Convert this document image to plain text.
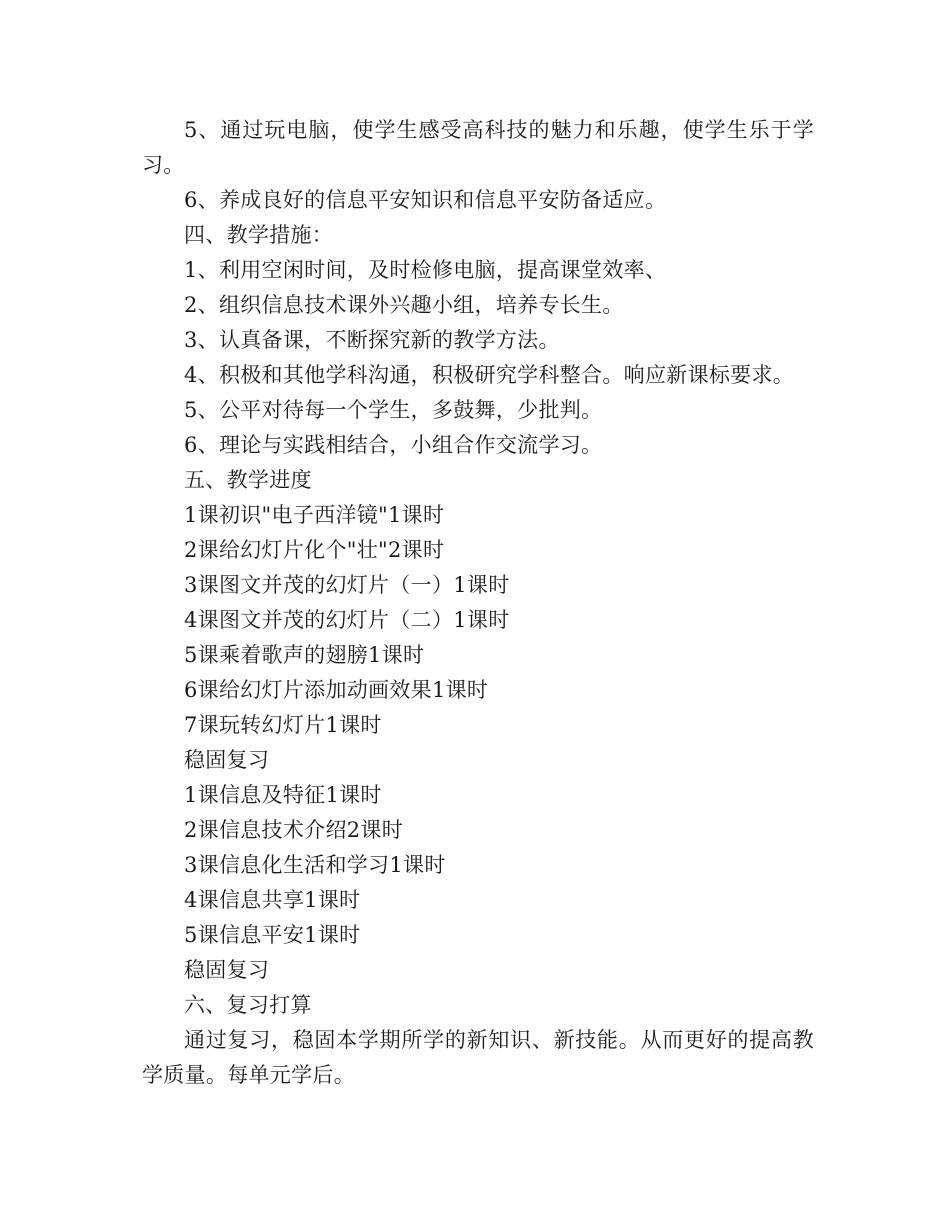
5、通过玩电脑，使学生感受高科技的魅力和乐趣，使学生乐于学习。

6、养成良好的信息平安知识和信息平安防备适应。

四、教学措施：

1、利用空闲时间，及时检修电脑，提高课堂效率、

2、组织信息技术课外兴趣小组，培养专长生。

3、认真备课，不断探究新的教学方法。

4、积极和其他学科沟通，积极研究学科整合。响应新课标要求。

5、公平对待每一个学生，多鼓舞，少批判。

6、理论与实践相结合，小组合作交流学习。

五、教学进度

1课初识"电子西洋镜"1课时

2课给幻灯片化个"壮"2课时

3课图文并茂的幻灯片（一）1课时

4课图文并茂的幻灯片（二）1课时

5课乘着歌声的翅膀1课时

6课给幻灯片添加动画效果1课时

7课玩转幻灯片1课时

稳固复习

1课信息及特征1课时

2课信息技术介绍2课时

3课信息化生活和学习1课时

4课信息共享1课时

5课信息平安1课时

稳固复习

六、复习打算

通过复习，稳固本学期所学的新知识、新技能。从而更好的提高教学质量。每单元学后。
